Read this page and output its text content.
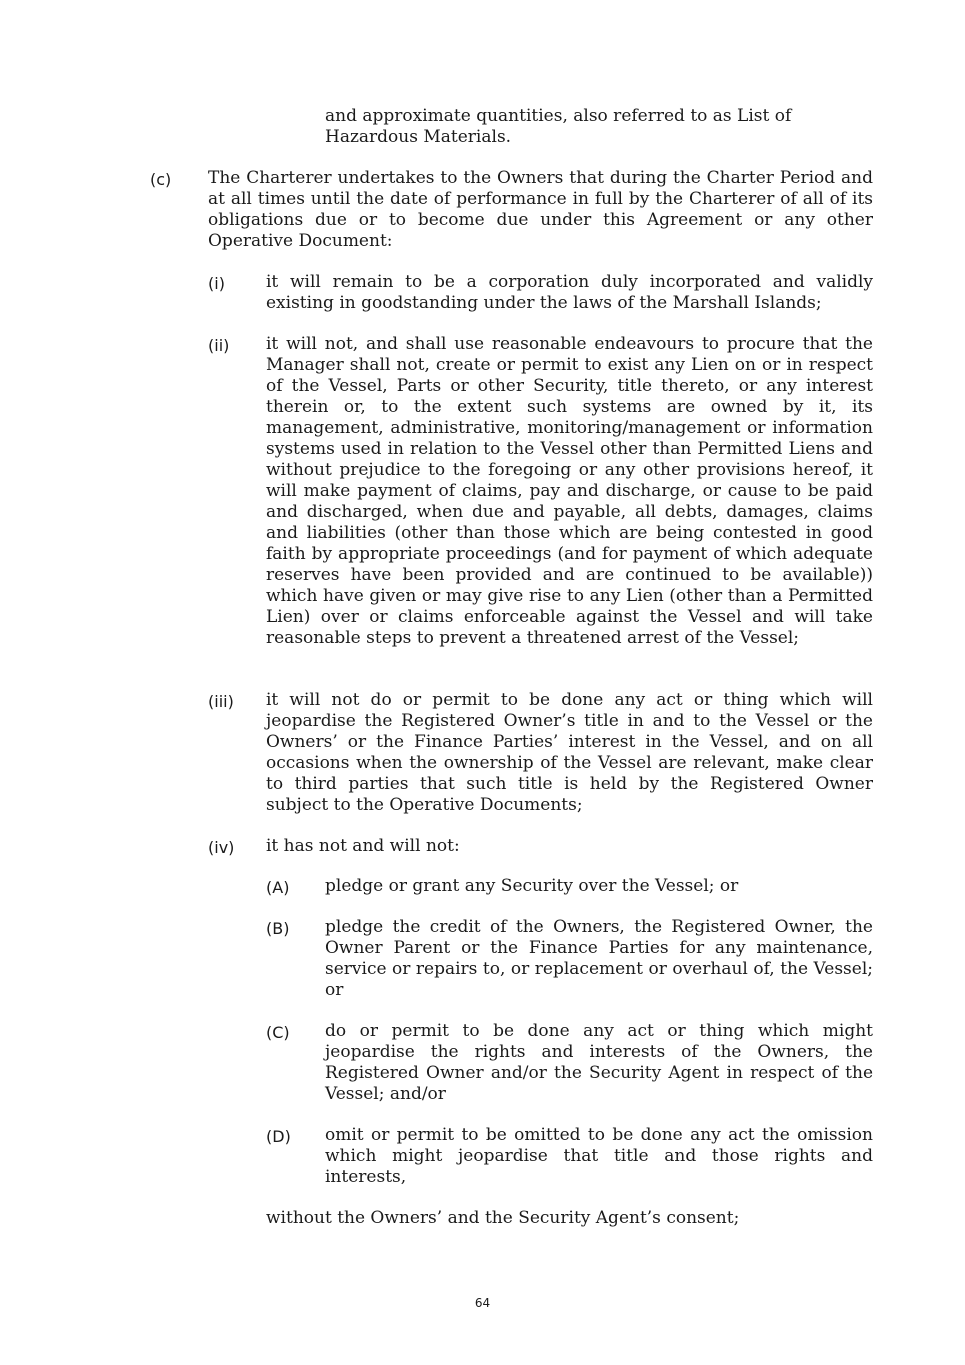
and approximate quantities, also referred to as List of Hazardous Materials.

(c) The Charterer undertakes to the Owners that during the Charter Period and at all times until the date of performance in full by the Charterer of all of its obligations due or to become due under this Agreement or any other Operative Document:

(i) it will remain to be a corporation duly incorporated and validly existing in goodstanding under the laws of the Marshall Islands;

(ii) it will not, and shall use reasonable endeavours to procure that the Manager shall not, create or permit to exist any Lien on or in respect of the Vessel, Parts or other Security, title thereto, or any interest therein or, to the extent such systems are owned by it, its management, administrative, monitoring/management or information systems used in relation to the Vessel other than Permitted Liens and without prejudice to the foregoing or any other provisions hereof, it will make payment of claims, pay and discharge, or cause to be paid and discharged, when due and payable, all debts, damages, claims and liabilities (other than those which are being contested in good faith by appropriate proceedings (and for payment of which adequate reserves have been provided and are continued to be available)) which have given or may give rise to any Lien (other than a Permitted Lien) over or claims enforceable against the Vessel and will take reasonable steps to prevent a threatened arrest of the Vessel;

(iii) it will not do or permit to be done any act or thing which will jeopardise the Registered Owner’s title in and to the Vessel or the Owners’ or the Finance Parties’ interest in the Vessel, and on all occasions when the ownership of the Vessel are relevant, make clear to third parties that such title is held by the Registered Owner subject to the Operative Documents;

(iv) it has not and will not:

(A) pledge or grant any Security over the Vessel; or

(B) pledge the credit of the Owners, the Registered Owner, the Owner Parent or the Finance Parties for any maintenance, service or repairs to, or replacement or overhaul of, the Vessel; or

(C) do or permit to be done any act or thing which might jeopardise the rights and interests of the Owners, the Registered Owner and/or the Security Agent in respect of the Vessel; and/or

(D) omit or permit to be omitted to be done any act the omission which might jeopardise that title and those rights and interests,

without the Owners’ and the Security Agent’s consent;

64
